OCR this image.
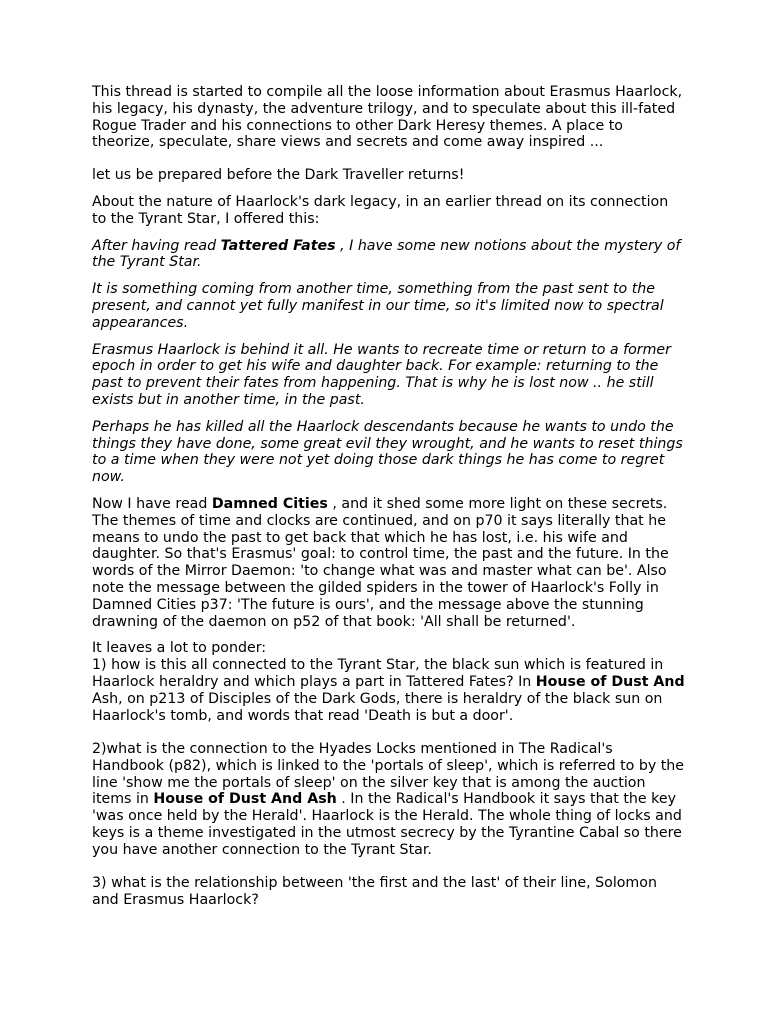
This thread is started to compile all the loose information about Erasmus Haarlock, his legacy, his dynasty, the adventure trilogy, and to speculate about this ill-fated Rogue Trader and his connections to other Dark Heresy themes. A place to theorize, speculate, share views and secrets and come away inspired ...

let us be prepared before the Dark Traveller returns!

About the nature of Haarlock's dark legacy, in an earlier thread on its connection to the Tyrant Star, I offered this:

After having read Tattered Fates , I have some new notions about the mystery of the Tyrant Star.

It is something coming from another time, something from the past sent to the present, and cannot yet fully manifest in our time, so it's limited now to spectral appearances.

Erasmus Haarlock is behind it all. He wants to recreate time or return to a former epoch in order to get his wife and daughter back. For example: returning to the past to prevent their fates from happening. That is why he is lost now .. he still exists but in another time, in the past.

Perhaps he has killed all the Haarlock descendants because he wants to undo the things they have done, some great evil they wrought, and he wants to reset things to a time when they were not yet doing those dark things he has come to regret now.

Now I have read Damned Cities , and it shed some more light on these secrets. The themes of time and clocks are continued, and on p70 it says literally that he means to undo the past to get back that which he has lost, i.e. his wife and daughter. So that's Erasmus' goal: to control time, the past and the future. In the words of the Mirror Daemon: 'to change what was and master what can be'. Also note the message between the gilded spiders in the tower of Haarlock's Folly in Damned Cities p37: 'The future is ours', and the message above the stunning drawning of the daemon on p52 of that book: 'All shall be returned'.

It leaves a lot to ponder:
1) how is this all connected to the Tyrant Star, the black sun which is featured in Haarlock heraldry and which plays a part in Tattered Fates? In House of Dust And Ash, on p213 of Disciples of the Dark Gods, there is heraldry of the black sun on Haarlock's tomb, and words that read 'Death is but a door'.
2)what is the connection to the Hyades Locks mentioned in The Radical's Handbook (p82), which is linked to the 'portals of sleep', which is referred to by the line 'show me the portals of sleep' on the silver key that is among the auction items in House of Dust And Ash . In the Radical's Handbook it says that the key 'was once held by the Herald'. Haarlock is the Herald. The whole thing of locks and keys is a theme investigated in the utmost secrecy by the Tyrantine Cabal so there you have another connection to the Tyrant Star.
3) what is the relationship between 'the first and the last' of their line, Solomon and Erasmus Haarlock?
